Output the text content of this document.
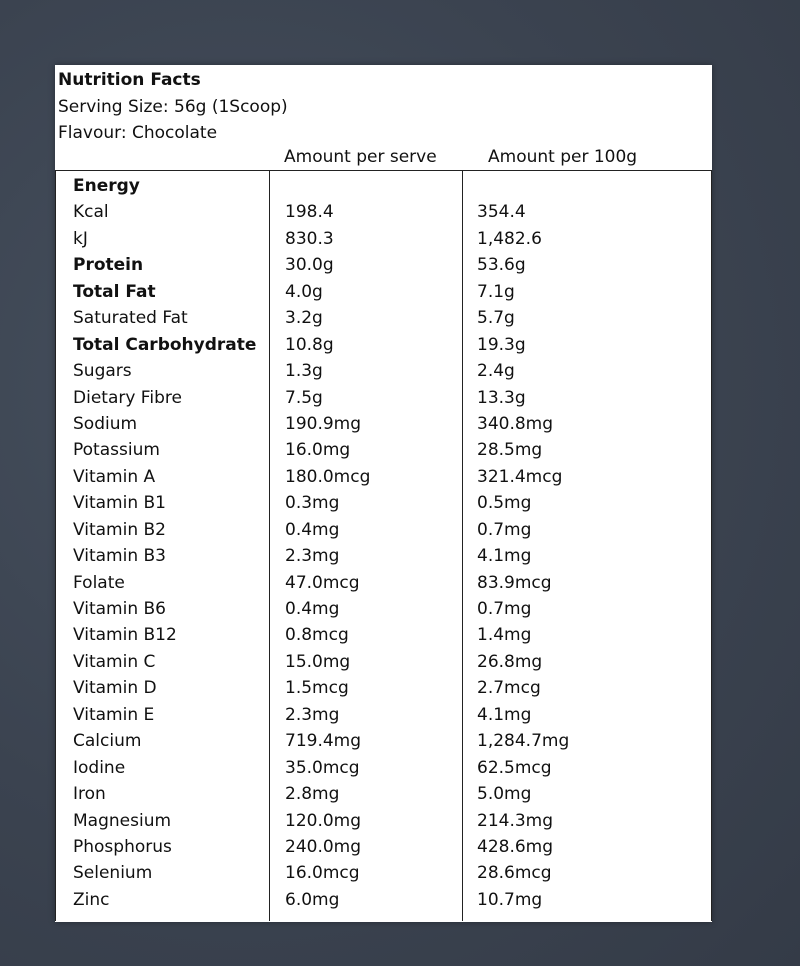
Nutrition Facts
Serving Size: 56g (1Scoop)
Flavour: Chocolate
Amount per serve	Amount per 100g
Energy
Kcal	198.4	354.4
kJ	830.3	1,482.6
Protein	30.0g	53.6g
Total Fat	4.0g	7.1g
Saturated Fat	3.2g	5.7g
Total Carbohydrate 10.8g	19.3g
Sugars	1.3g	2.4g
Dietary Fibre	7.5g	13.3g
Sodium	190.9mg	340.8mg
Potassium	16.0mg	28.5mg
Vitamin A	180.0mcg	321.4mcg
Vitamin B1	0.3mg	0.5mg
Vitamin B2	0.4mg	0.7mg
Vitamin B3	2.3mg	4.1mg
Folate	47.0mcg	83.9mcg
Vitamin B6	0.4mg	0.7mg
Vitamin B12	0.8mcg	1.4mg
Vitamin C	15.0mg	26.8mg
Vitamin D	1.5mcg	2.7mcg
Vitamin E	2.3mg	4.1mg
Calcium	719.4mg	1,284.7mg
Iodine	35.0mcg	62.5mcg
Iron	2.8mg	5.0mg
Magnesium	120.0mg	214.3mg
Phosphorus	240.0mg	428.6mg
Selenium	16.0mcg	28.6mcg
Zinc	6.0mg	10.7mg
